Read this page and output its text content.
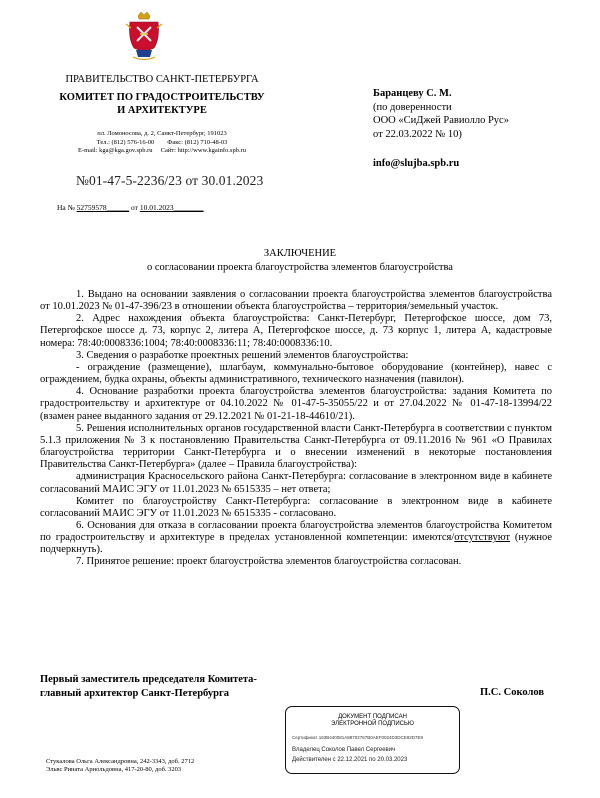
ПРАВИТЕЛЬСТВО САНКТ-ПЕТЕРБУРГА
КОМИТЕТ ПО ГРАДОСТРОИТЕЛЬСТВУ
И АРХИТЕКТУРЕ
пл. Ломоносова, д. 2, Санкт-Петербург, 191023
Тел.: (812) 576-16-00        Факс: (812) 710-48-03
E-mail: kga@kga.gov.spb.ru     Сайт: http://www.kgainfo.spb.ru
№01-47-5-2236/23 от 30.01.2023
На № 52759578______ от 10.01.2023________
Баранцеву С. М.
(по доверенности
ООО «СиДжей Равиолло Рус»
от 22.03.2022 № 10)
info@slujba.spb.ru
ЗАКЛЮЧЕНИЕ
о согласовании проекта благоустройства элементов благоустройства

1. Выдано на основании заявления о согласовании проекта благоустройства элементов благоустройства от 10.01.2023 № 01-47-396/23 в отношении объекта благоустройства – территория/земельный участок.

2. Адрес нахождения объекта благоустройства: Санкт-Петербург, Петергофское шоссе, дом 73, Петергофское шоссе д. 73, корпус 2, литера А, Петергофское шоссе, д. 73 корпус 1, литера А, кадастровые номера: 78:40:0008336:1004; 78:40:0008336:11; 78:40:0008336:10.

3. Сведения о разработке проектных решений элементов благоустройства:

- ограждение (размещение), шлагбаум, коммунально-бытовое оборудование (контейнер), навес с ограждением, будка охраны, объекты административного, технического назначения (павилон).

4. Основание разработки проекта благоустройства элементов благоустройства: задания Комитета по градостроительству и архитектуре от 04.10.2022 № 01-47-5-35055/22 и от 27.04.2022 № 01-47-18-13994/22 (взамен ранее выданного задания от 29.12.2021 № 01-21-18-44610/21).

5. Решения исполнительных органов государственной власти Санкт-Петербурга в соответствии с пунктом 5.1.3 приложения № 3 к постановлению Правительства Санкт-Петербурга от 09.11.2016 № 961 «О Правилах благоустройства территории Санкт-Петербурга и о внесении изменений в некоторые постановления Правительства Санкт-Петербурга» (далее – Правила благоустройства):

администрация Красносельского района Санкт-Петербурга: согласование в электронном виде в кабинете согласований МАИС ЭГУ от 11.01.2023 № 6515335 – нет ответа;

Комитет по благоустройству Санкт-Петербурга: согласование в электронном виде в кабинете согласований МАИС ЭГУ от 11.01.2023 № 6515335 - согласовано.

6. Основания для отказа в согласовании проекта благоустройства элементов благоустройства Комитетом по градостроительству и архитектуре в пределах установленной компетенции: имеются/отсутствуют (нужное подчеркнуть).

7. Принятое решение: проект благоустройства элементов благоустройства согласован.

Первый заместитель председателя Комитета-
главный архитектор Санкт-Петербурга	П.С. Соколов
ДОКУМЕНТ ПОДПИСАН
ЭЛЕКТРОННОЙ ПОДПИСЬЮ
Сертификат 163B440081A88702767B0AEF0024D3DCE82D7E9
Владелец Соколов Павел Сергеевич
Действителен с 22.12.2021 по 20.03.2023
Стукалова Ольга Александровна, 242-3343, доб. 2712
Эльвс Рината Арнольдовна, 417-20-80, доб. 3203
